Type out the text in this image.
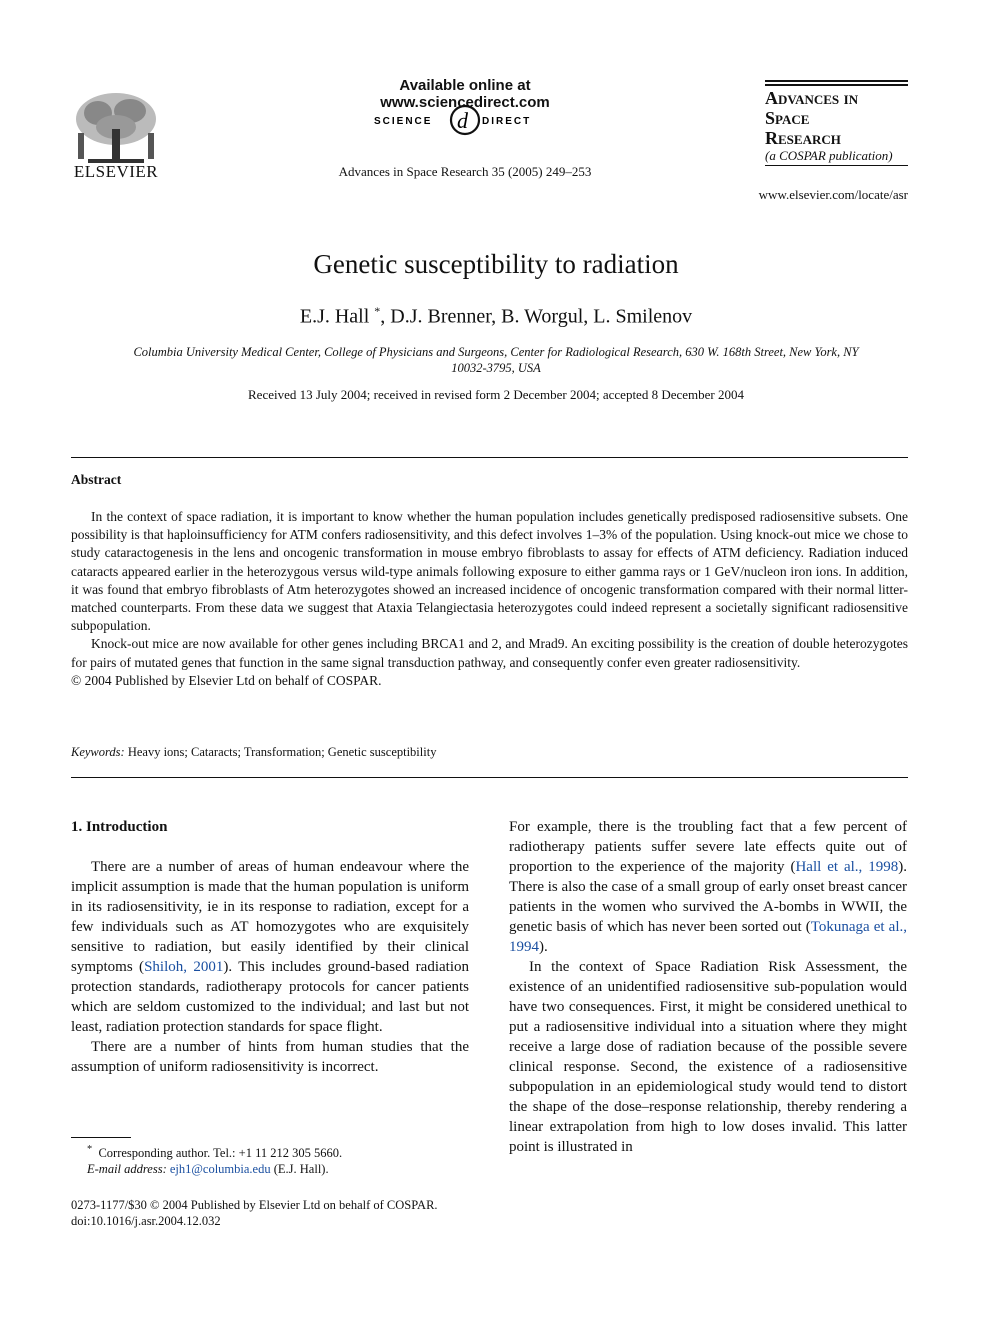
ELSEVIER
Available online at www.sciencedirect.com
SCIENCE d DIRECT
Advances in Space Research 35 (2005) 249–253
Advances in
Space
Research
(a COSPAR publication)
www.elsevier.com/locate/asr
Genetic susceptibility to radiation
E.J. Hall *, D.J. Brenner, B. Worgul, L. Smilenov
Columbia University Medical Center, College of Physicians and Surgeons, Center for Radiological Research, 630 W. 168th Street, New York, NY 10032-3795, USA
Received 13 July 2004; received in revised form 2 December 2004; accepted 8 December 2004
Abstract

In the context of space radiation, it is important to know whether the human population includes genetically predisposed radiosensitive subsets. One possibility is that haploinsufficiency for ATM confers radiosensitivity, and this defect involves 1–3% of the population. Using knock-out mice we chose to study cataractogenesis in the lens and oncogenic transformation in mouse embryo fibroblasts to assay for effects of ATM deficiency. Radiation induced cataracts appeared earlier in the heterozygous versus wild-type animals following exposure to either gamma rays or 1 GeV/nucleon iron ions. In addition, it was found that embryo fibroblasts of Atm heterozygotes showed an increased incidence of oncogenic transformation compared with their normal litter-matched counterparts. From these data we suggest that Ataxia Telangiectasia heterozygotes could indeed represent a societally significant radiosensitive subpopulation.

Knock-out mice are now available for other genes including BRCA1 and 2, and Mrad9. An exciting possibility is the creation of double heterozygotes for pairs of mutated genes that function in the same signal transduction pathway, and consequently confer even greater radiosensitivity.

© 2004 Published by Elsevier Ltd on behalf of COSPAR.

Keywords: Heavy ions; Cataracts; Transformation; Genetic susceptibility
1. Introduction

There are a number of areas of human endeavour where the implicit assumption is made that the human population is uniform in its radiosensitivity, ie in its response to radiation, except for a few individuals such as AT homozygotes who are exquisitely sensitive to radiation, but easily identified by their clinical symptoms (Shiloh, 2001). This includes ground-based radiation protection standards, radiotherapy protocols for cancer patients which are seldom customized to the individual; and last but not least, radiation protection standards for space flight.

There are a number of hints from human studies that the assumption of uniform radiosensitivity is incorrect.

For example, there is the troubling fact that a few percent of radiotherapy patients suffer severe late effects quite out of proportion to the experience of the majority (Hall et al., 1998). There is also the case of a small group of early onset breast cancer patients in the women who survived the A-bombs in WWII, the genetic basis of which has never been sorted out (Tokunaga et al., 1994).

In the context of Space Radiation Risk Assessment, the existence of an unidentified radiosensitive sub-population would have two consequences. First, it might be considered unethical to put a radiosensitive individual into a situation where they might receive a large dose of radiation because of the possible severe clinical response. Second, the existence of a radiosensitive subpopulation in an epidemiological study would tend to distort the shape of the dose–response relationship, thereby rendering a linear extrapolation from high to low doses invalid. This latter point is illustrated in

* Corresponding author. Tel.: +1 11 212 305 5660.
E-mail address: ejh1@columbia.edu (E.J. Hall).
0273-1177/$30 © 2004 Published by Elsevier Ltd on behalf of COSPAR.
doi:10.1016/j.asr.2004.12.032
